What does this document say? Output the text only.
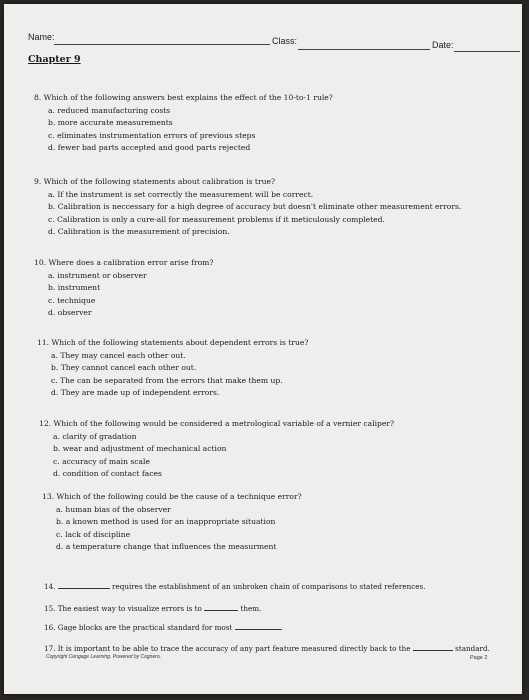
Name:	Class:	Date:
Chapter 9
8. Which of the following answers best explains the effect of the 10-to-1 rule?
a. reduced manufacturing costs
b. more accurate measurements
c. eliminates instrumentation errors of previous steps
d. fewer bad parts accepted and good parts rejected
9. Which of the following statements about calibration is true?
a. If the instrument is set correctly the measurement will be correct.
b. Calibration is neccessary for a high degree of accuracy but doesn't eliminate other measurement errors.
c. Calibration is only a cure-all for measurement problems if it meticulously completed.
d. Calibration is the measurement of precision.
10. Where does a calibration error arise from?
a. instrument or observer
b. instrument
c. technique
d. observer
11. Which of the following statements about dependent errors is true?
a. They may cancel each other out.
b. They cannot cancel each other out.
c. The can be separated from the errors that make them up.
d. They are made up of independent errors.
12. Which of the following would be considered a metrological variable of a vernier caliper?
a. clarity of gradation
b. wear and adjustment of mechanical action
c. accuracy of main scale
d. condition of contact faces
13. Which of the following could be the cause of a technique error?
a. human bias of the observer
b. a known method is used for an inappropriate situation
c. lack of discipline
d. a temperature change that influences the measurment
14.	requires the establishment of an unbroken chain of comparisons to stated references.
15. The easiest way to visualize errors is to	them.
16. Gage blocks are the practical standard for most	.
17. It is important to be able to trace the accuracy of any part feature measured directly back to the	standard.
Copyright Cengage Learning. Powered by Cognero.	Page 2
